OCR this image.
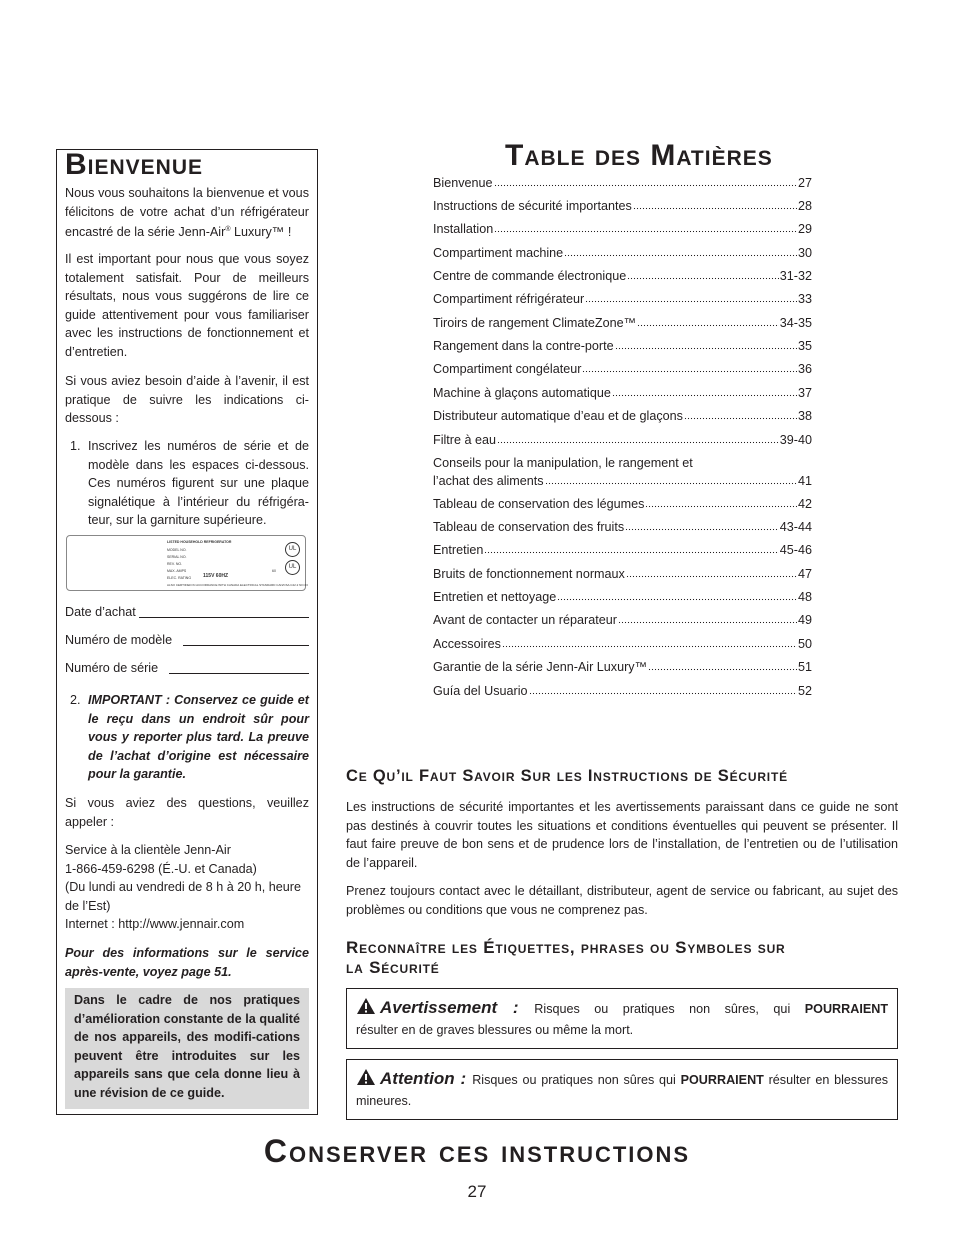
Bienvenue

Nous vous souhaitons la bienvenue et vous félicitons de votre achat d’un réfrigérateur encastré de la série Jenn-Air® Luxury™ !

Il est important pour nous que vous soyez totalement satisfait. Pour de meilleurs résultats, nous vous suggérons de lire ce guide attentivement pour vous familiariser avec les instructions de fonctionnement et d’entretien.

Si vous aviez besoin d’aide à l’avenir, il est pratique de suivre les indications ci-dessous :

1. Inscrivez les numéros de série et de modèle dans les espaces ci-dessous. Ces numéros figurent sur une plaque signalétique à l’intérieur du réfrigéra-teur, sur la garniture supérieure.

LISTED HOUSEHOLD REFRIGERATOR
MODEL NO.
SERIAL NO.
REV. NO.
MAX. AMPS	60
ELEC. RATING 115V 60HZ
ALSO CERTIFIED IN ACCORDANCE WITH CANADA ELECTRICAL STANDARD CAN/CSA C22.2 NO.63
UL
UL
Date d’achat
Numéro de modèle
Numéro de série
2. IMPORTANT : Conservez ce guide et le reçu dans un endroit sûr pour vous y reporter plus tard. La preuve de l’achat d’origine est nécessaire pour la garantie.

Si vous aviez des questions, veuillez appeler :

Service à la clientèle Jenn-Air
1-866-459-6298 (É.-U. et Canada)
(Du lundi au vendredi de 8 h à 20 h, heure de l’Est)
Internet : http://www.jennair.com

Pour des informations sur le service après-vente, voyez page 51.

Dans le cadre de nos pratiques d’amélioration constante de la qualité de nos appareils, des modifi-cations peuvent être introduites sur les appareils sans que cela donne lieu à une révision de ce guide.
Table des Matières
Bienvenue	27
Instructions de sécurité importantes	28
Installation	29
Compartiment machine	30
Centre de commande électronique	31-32
Compartiment réfrigérateur	33
Tiroirs de rangement ClimateZone™	34-35
Rangement dans la contre-porte	35
Compartiment congélateur	36
Machine à glaçons automatique	37
Distributeur automatique d’eau et de glaçons	38
Filtre à eau	39-40
Conseils pour la manipulation, le rangement et
l’achat des aliments	41
Tableau de conservation des légumes	42
Tableau de conservation des fruits	43-44
Entretien	45-46
Bruits de fonctionnement normaux	47
Entretien et nettoyage	48
Avant de contacter un réparateur	49
Accessoires	50
Garantie de la série Jenn-Air Luxury™	51
Guía del Usuario	52
Ce Qu’il Faut Savoir Sur les Instructions de Sécurité

Les instructions de sécurité importantes et les avertissements paraissant dans ce guide ne sont pas destinés à couvrir toutes les situations et conditions éventuelles qui peuvent se présenter. Il faut faire preuve de bon sens et de prudence lors de l’installation, de l’entretien ou de l’utilisation de l’appareil.

Prenez toujours contact avec le détaillant, distributeur, agent de service ou fabricant, au sujet des problèmes ou conditions que vous ne comprenez pas.

Reconnaître les Étiquettes, phrases ou Symboles sur
la Sécurité
Avertissement : Risques ou pratiques non sûres, qui POURRAIENT
résulter en de graves blessures ou même la mort.
Attention : Risques ou pratiques non sûres qui POURRAIENT résulter en blessures mineures.
Conserver ces instructions
27
